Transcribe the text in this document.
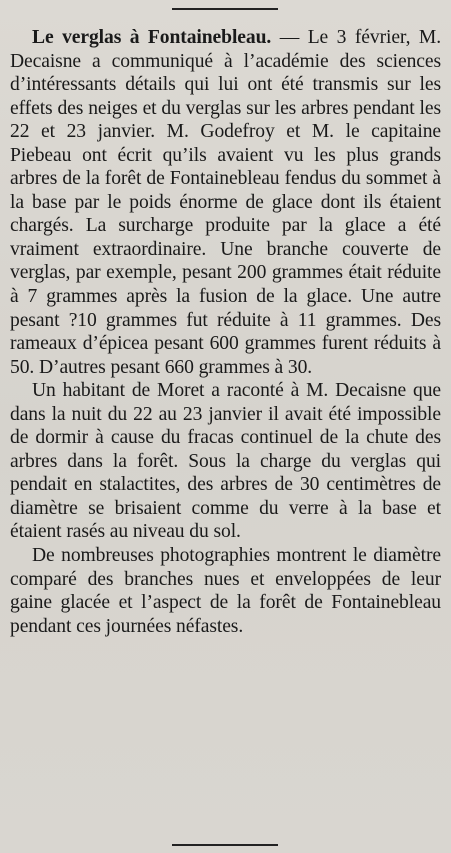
Le verglas à Fontainebleau. — Le 3 février, M. Decaisne a communiqué à l’académie des sciences d’intéressants détails qui lui ont été transmis sur les effets des neiges et du verglas sur les arbres pendant les 22 et 23 janvier. M. Godefroy et M. le capitaine Piebeau ont écrit qu’ils avaient vu les plus grands arbres de la forêt de Fontainebleau fendus du sommet à la base par le poids énorme de glace dont ils étaient chargés. La surcharge produite par la glace a été vraiment extraordinaire. Une branche couverte de verglas, par exemple, pesant 200 grammes était réduite à 7 grammes après la fusion de la glace. Une autre pesant ?10 grammes fut réduite à 11 grammes. Des rameaux d’épicea pesant 600 grammes furent réduits à 50. D’autres pesant 660 grammes à 30.

Un habitant de Moret a raconté à M. Decaisne que dans la nuit du 22 au 23 janvier il avait été impossible de dormir à cause du fracas continuel de la chute des arbres dans la forêt. Sous la charge du verglas qui pendait en stalactites, des arbres de 30 centimètres de diamètre se brisaient comme du verre à la base et étaient rasés au niveau du sol.

De nombreuses photographies montrent le diamètre comparé des branches nues et enveloppées de leur gaine glacée et l’aspect de la forêt de Fontainebleau pendant ces journées néfastes.
